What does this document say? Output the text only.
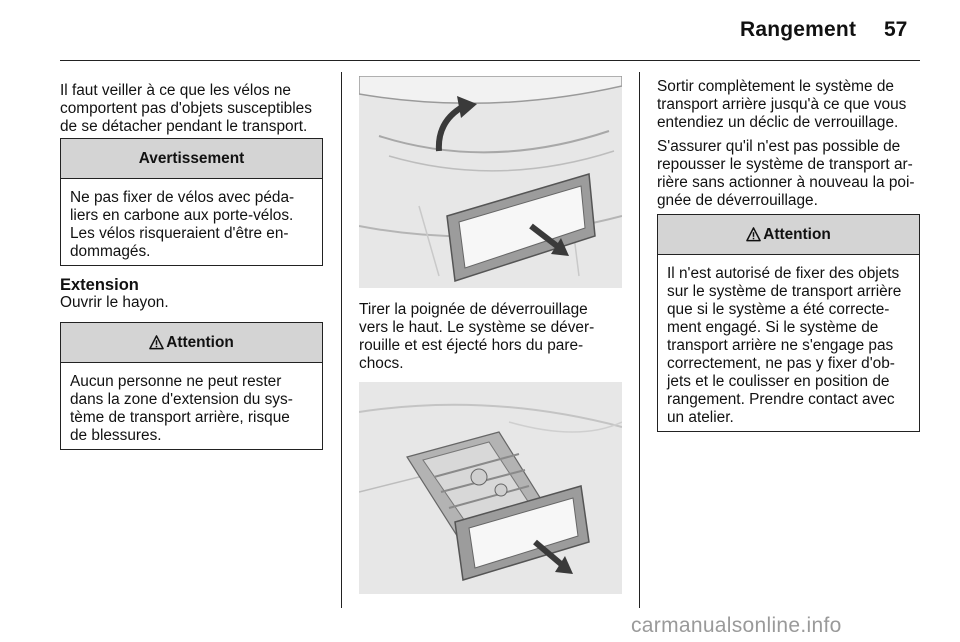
Rangement 57
Il faut veiller à ce que les vélos ne
comportent pas d'objets susceptibles
de se détacher pendant le transport.
Avertissement
Ne pas fixer de vélos avec péda-
liers en carbone aux porte-vélos.
Les vélos risqueraient d'être en-
dommagés.
Extension
Ouvrir le hayon.
Attention
Aucun personne ne peut rester
dans la zone d'extension du sys-
tème de transport arrière, risque
de blessures.
Tirer la poignée de déverrouillage
vers le haut. Le système se déver-
rouille et est éjecté hors du pare-
chocs.
Sortir complètement le système de
transport arrière jusqu'à ce que vous
entendiez un déclic de verrouillage.
S'assurer qu'il n'est pas possible de
repousser le système de transport ar-
rière sans actionner à nouveau la poi-
gnée de déverrouillage.
Attention
Il n'est autorisé de fixer des objets
sur le système de transport arrière
que si le système a été correcte-
ment engagé. Si le système de
transport arrière ne s'engage pas
correctement, ne pas y fixer d'ob-
jets et le coulisser en position de
rangement. Prendre contact avec
un atelier.
carmanualsonline.info
